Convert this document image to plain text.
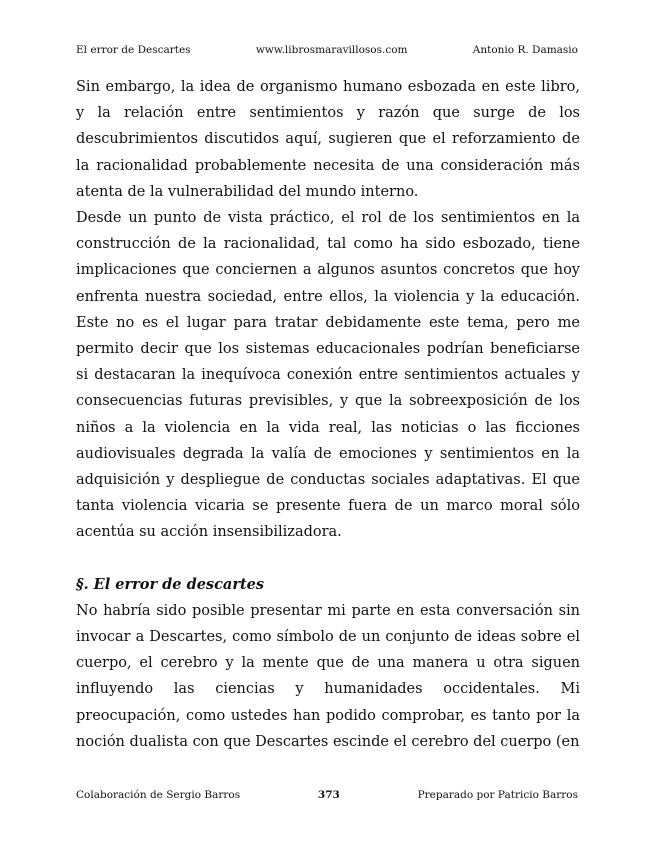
El error de Descartes	www.librosmaravillosos.com	Antonio R. Damasio

Sin embargo, la idea de organismo humano esbozada en este libro, y la relación entre sentimientos y razón que surge de los descubrimientos discutidos aquí, sugieren que el reforzamiento de la racionalidad probablemente necesita de una consideración más atenta de la vulnerabilidad del mundo interno.

Desde un punto de vista práctico, el rol de los sentimientos en la construcción de la racionalidad, tal como ha sido esbozado, tiene implicaciones que conciernen a algunos asuntos concretos que hoy enfrenta nuestra sociedad, entre ellos, la violencia y la educación. Este no es el lugar para tratar debidamente este tema, pero me permito decir que los sistemas educacionales podrían beneficiarse si destacaran la inequívoca conexión entre sentimientos actuales y consecuencias futuras previsibles, y que la sobreexposición de los niños a la violencia en la vida real, las noticias o las ficciones audiovisuales degrada la valía de emociones y sentimientos en la adquisición y despliegue de conductas sociales adaptativas. El que tanta violencia vicaria se presente fuera de un marco moral sólo acentúa su acción insensibilizadora.

§. El error de descartes

No habría sido posible presentar mi parte en esta conversación sin invocar a Descartes, como símbolo de un conjunto de ideas sobre el cuerpo, el cerebro y la mente que de una manera u otra siguen influyendo las ciencias y humanidades occidentales. Mi preocupación, como ustedes han podido comprobar, es tanto por la noción dualista con que Descartes escinde el cerebro del cuerpo (en

Colaboración de Sergio Barros	373	Preparado por Patricio Barros
